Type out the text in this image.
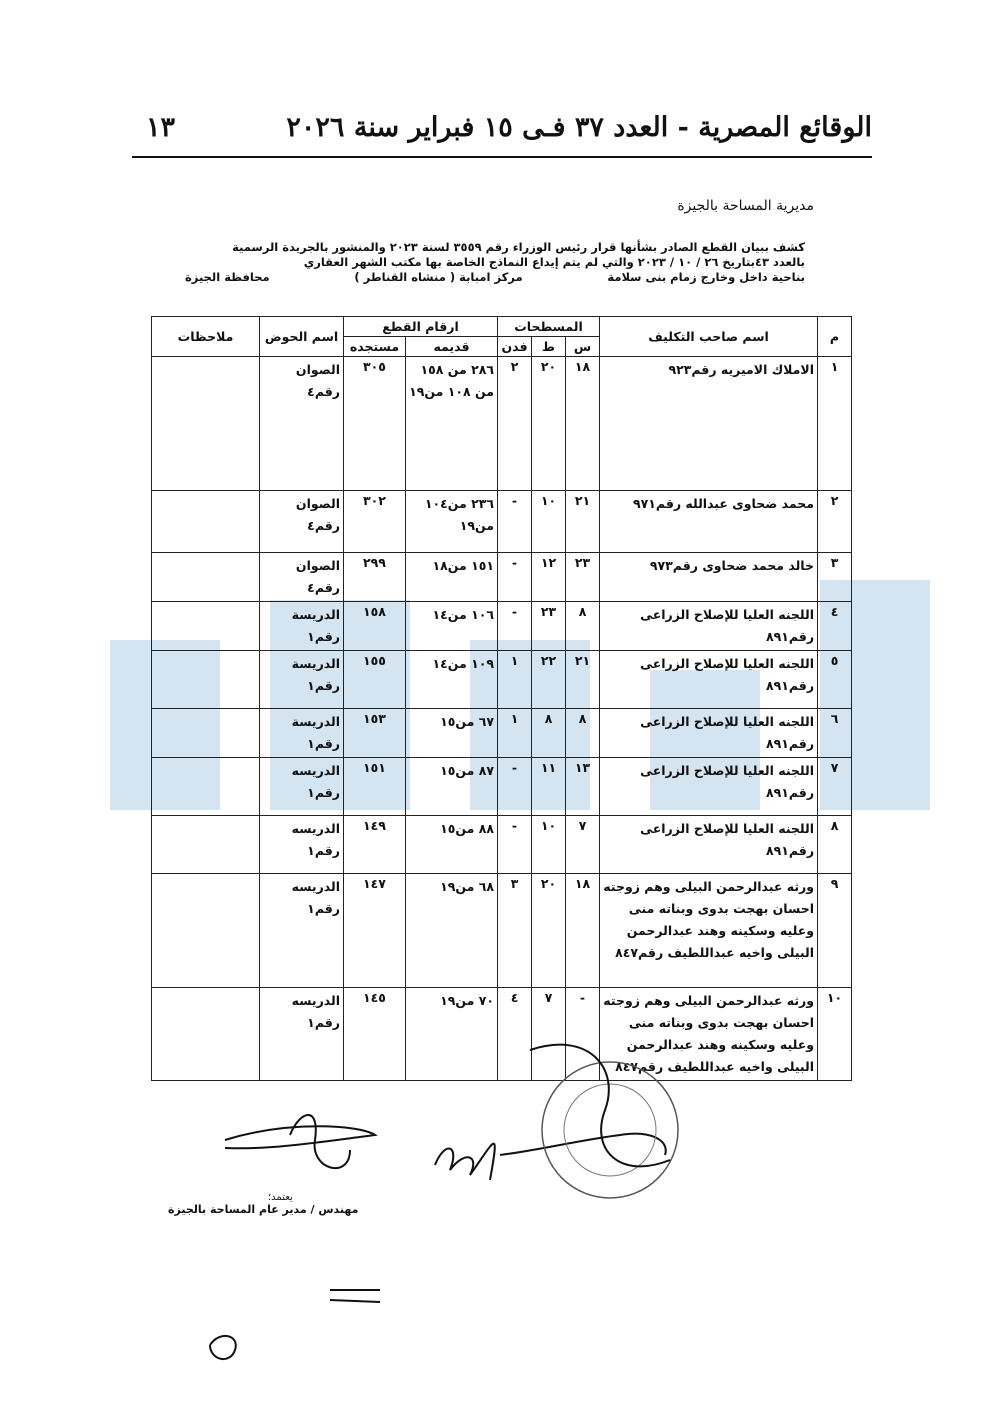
الوقائع المصرية - العدد ٣٧ فـى ١٥ فبراير سنة ٢٠٢٦
١٣
مديرية المساحة بالجيزة
كشف ببيان القطع الصادر بشأنها قرار رئيس الوزراء رقم ٣٥٥٩ لسنة ٢٠٢٣ والمنشور بالجريدة الرسمية
بالعدد ٤٣بتاريخ ٢٦ / ١٠ / ٢٠٢٣ والتي لم يتم إيداع النماذج الخاصة بها مكتب الشهر العقاري
بناحية داخل وخارج زمام بنى سلامة
مركز امبابة ( منشاه القناطر )
محافظة الجيزة
م	اسم صاحب التكليف	المسطحات			ارقام القطع		اسم الحوض	ملاحظات
		س	ط	فدن	قديمه	مستجده		
١	الاملاك الاميريه رقم٩٢٣	١٨	٢٠	٢	٢٨٦ من ١٥٨ من ١٠٨ من١٩	٣٠٥	الصوان رقم٤	
٢	محمد ضحاوى عبدالله رقم٩٧١	٢١	١٠	-	٢٣٦ من١٠٤ من١٩	٣٠٢	الصوان رقم٤	
٣	خالد محمد ضحاوى رقم٩٧٣	٢٣	١٢	-	١٥١ من١٨	٢٩٩	الصوان رقم٤	
٤	اللجنه العليا للإصلاح الزراعى رقم٨٩١	٨	٢٣	-	١٠٦ من١٤	١٥٨	الدريسة رقم١	
٥	اللجنه العليا للإصلاح الزراعى رقم٨٩١	٢١	٢٢	١	١٠٩ من١٤	١٥٥	الدريسة رقم١	
٦	اللجنه العليا للإصلاح الزراعى رقم٨٩١	٨	٨	١	٦٧ من١٥	١٥٣	الدريسة رقم١	
٧	اللجنه العليا للإصلاح الزراعى رقم٨٩١	١٣	١١	-	٨٧ من١٥	١٥١	الدريسه رقم١	
٨	اللجنه العليا للإصلاح الزراعى رقم٨٩١	٧	١٠	-	٨٨ من١٥	١٤٩	الدريسه رقم١	
٩	ورثه عبدالرحمن البيلى وهم زوجته احسان بهجت بدوى وبناته منى وعليه وسكينه وهند عبدالرحمن البيلى واخيه عبداللطيف رقم٨٤٧	١٨	٢٠	٣	٦٨ من١٩	١٤٧	الدريسه رقم١	
١٠	ورثه عبدالرحمن البيلى وهم زوجته احسان بهجت بدوى وبناته منى وعليه وسكينه وهند عبدالرحمن البيلى واخيه عبداللطيف رقم٨٤٧	-	٧	٤	٧٠ من١٩	١٤٥	الدريسه رقم١	
يعتمد؛
مهندس / مدير عام المساحة بالجيزة
